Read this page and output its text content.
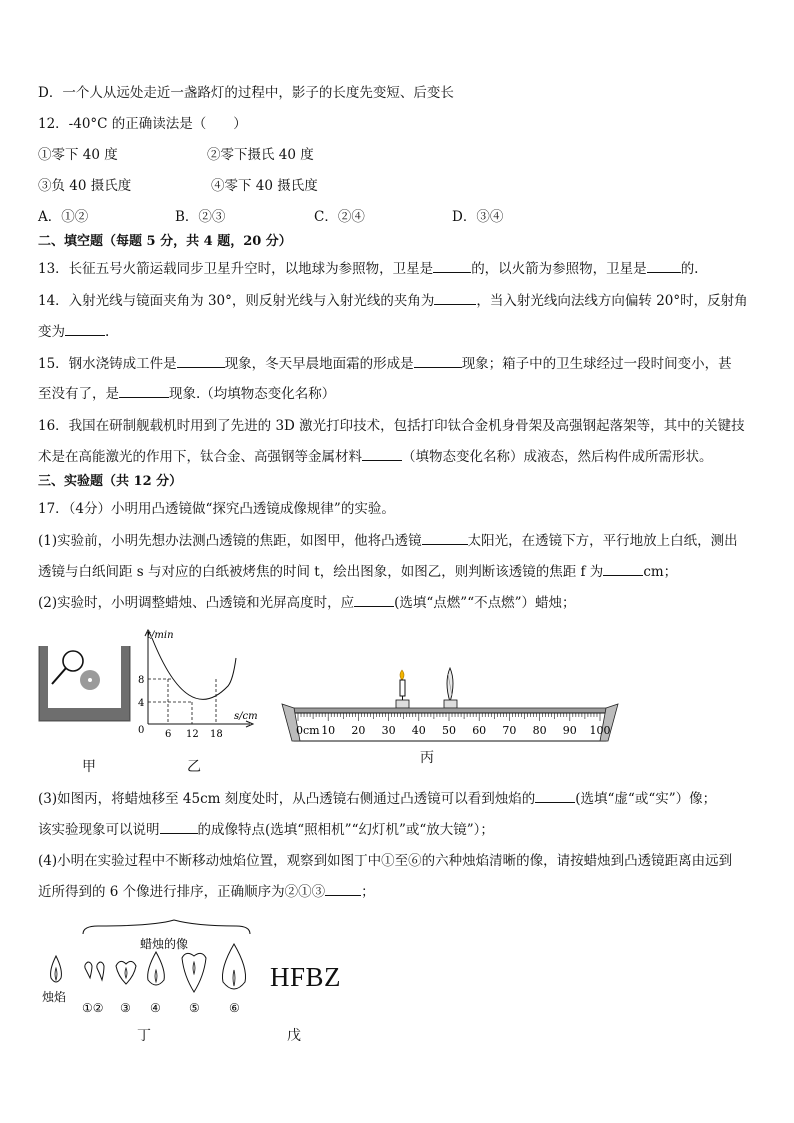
D．一个人从远处走近一盏路灯的过程中，影子的长度先变短、后变长
12．-40°C 的正确读法是（　　）
①零下 40 度	②零下摄氏 40 度
③负 40 摄氏度	④零下 40 摄氏度
A．①②	B．②③	C．②④	D．③④
二、填空题（每题 5 分，共 4 题，20 分）
13．长征五号火箭运载同步卫星升空时，以地球为参照物，卫星是	的，以火箭为参照物，卫星是	的.
14．入射光线与镜面夹角为 30°，则反射光线与入射光线的夹角为	，当入射光线向法线方向偏转 20°时，反射角
变为	.
15．钢水浇铸成工件是	现象，冬天早晨地面霜的形成是	现象；箱子中的卫生球经过一段时间变小，甚
至没有了，是	现象.（均填物态变化名称）
16．我国在研制舰载机时用到了先进的 3D 激光打印技术，包括打印钛合金机身骨架及高强钢起落架等，其中的关键技
术是在高能激光的作用下，钛合金、高强钢等金属材料	（填物态变化名称）成液态，然后构件成所需形状。
三、实验题（共 12 分）
17．（4分）小明用凸透镜做“探究凸透镜成像规律”的实验。
(1)实验前，小明先想办法测凸透镜的焦距，如图甲，他将凸透镜	太阳光，在透镜下方，平行地放上白纸，测出
透镜与白纸间距 s 与对应的白纸被烤焦的时间 t，绘出图象，如图乙，则判断该透镜的焦距 f 为	cm；
(2)实验时，小明调整蜡烛、凸透镜和光屏高度时，应	(选填“点燃”“不点燃”）蜡烛；
甲
t/min
s/cm
0
8
4
6 12 18
乙
0cm 10 20 30 40 50 60 70 80 90 100
丙
(3)如图丙，将蜡烛移至 45cm 刻度处时，从凸透镜右侧通过凸透镜可以看到烛焰的	(选填“虚“或“实”）像；
该实验现象可以说明	的成像特点(选填“照相机”“幻灯机”或“放大镜”）；
(4)小明在实验过程中不断移动烛焰位置，观察到如图丁中①至⑥的六种烛焰清晰的像，请按蜡烛到凸透镜距离由远到
近所得到的 6 个像进行排序，正确顺序为②①③	；
蜡烛的像
烛焰
①② ③ ④ ⑤ ⑥
丁
HFBZ
戊
